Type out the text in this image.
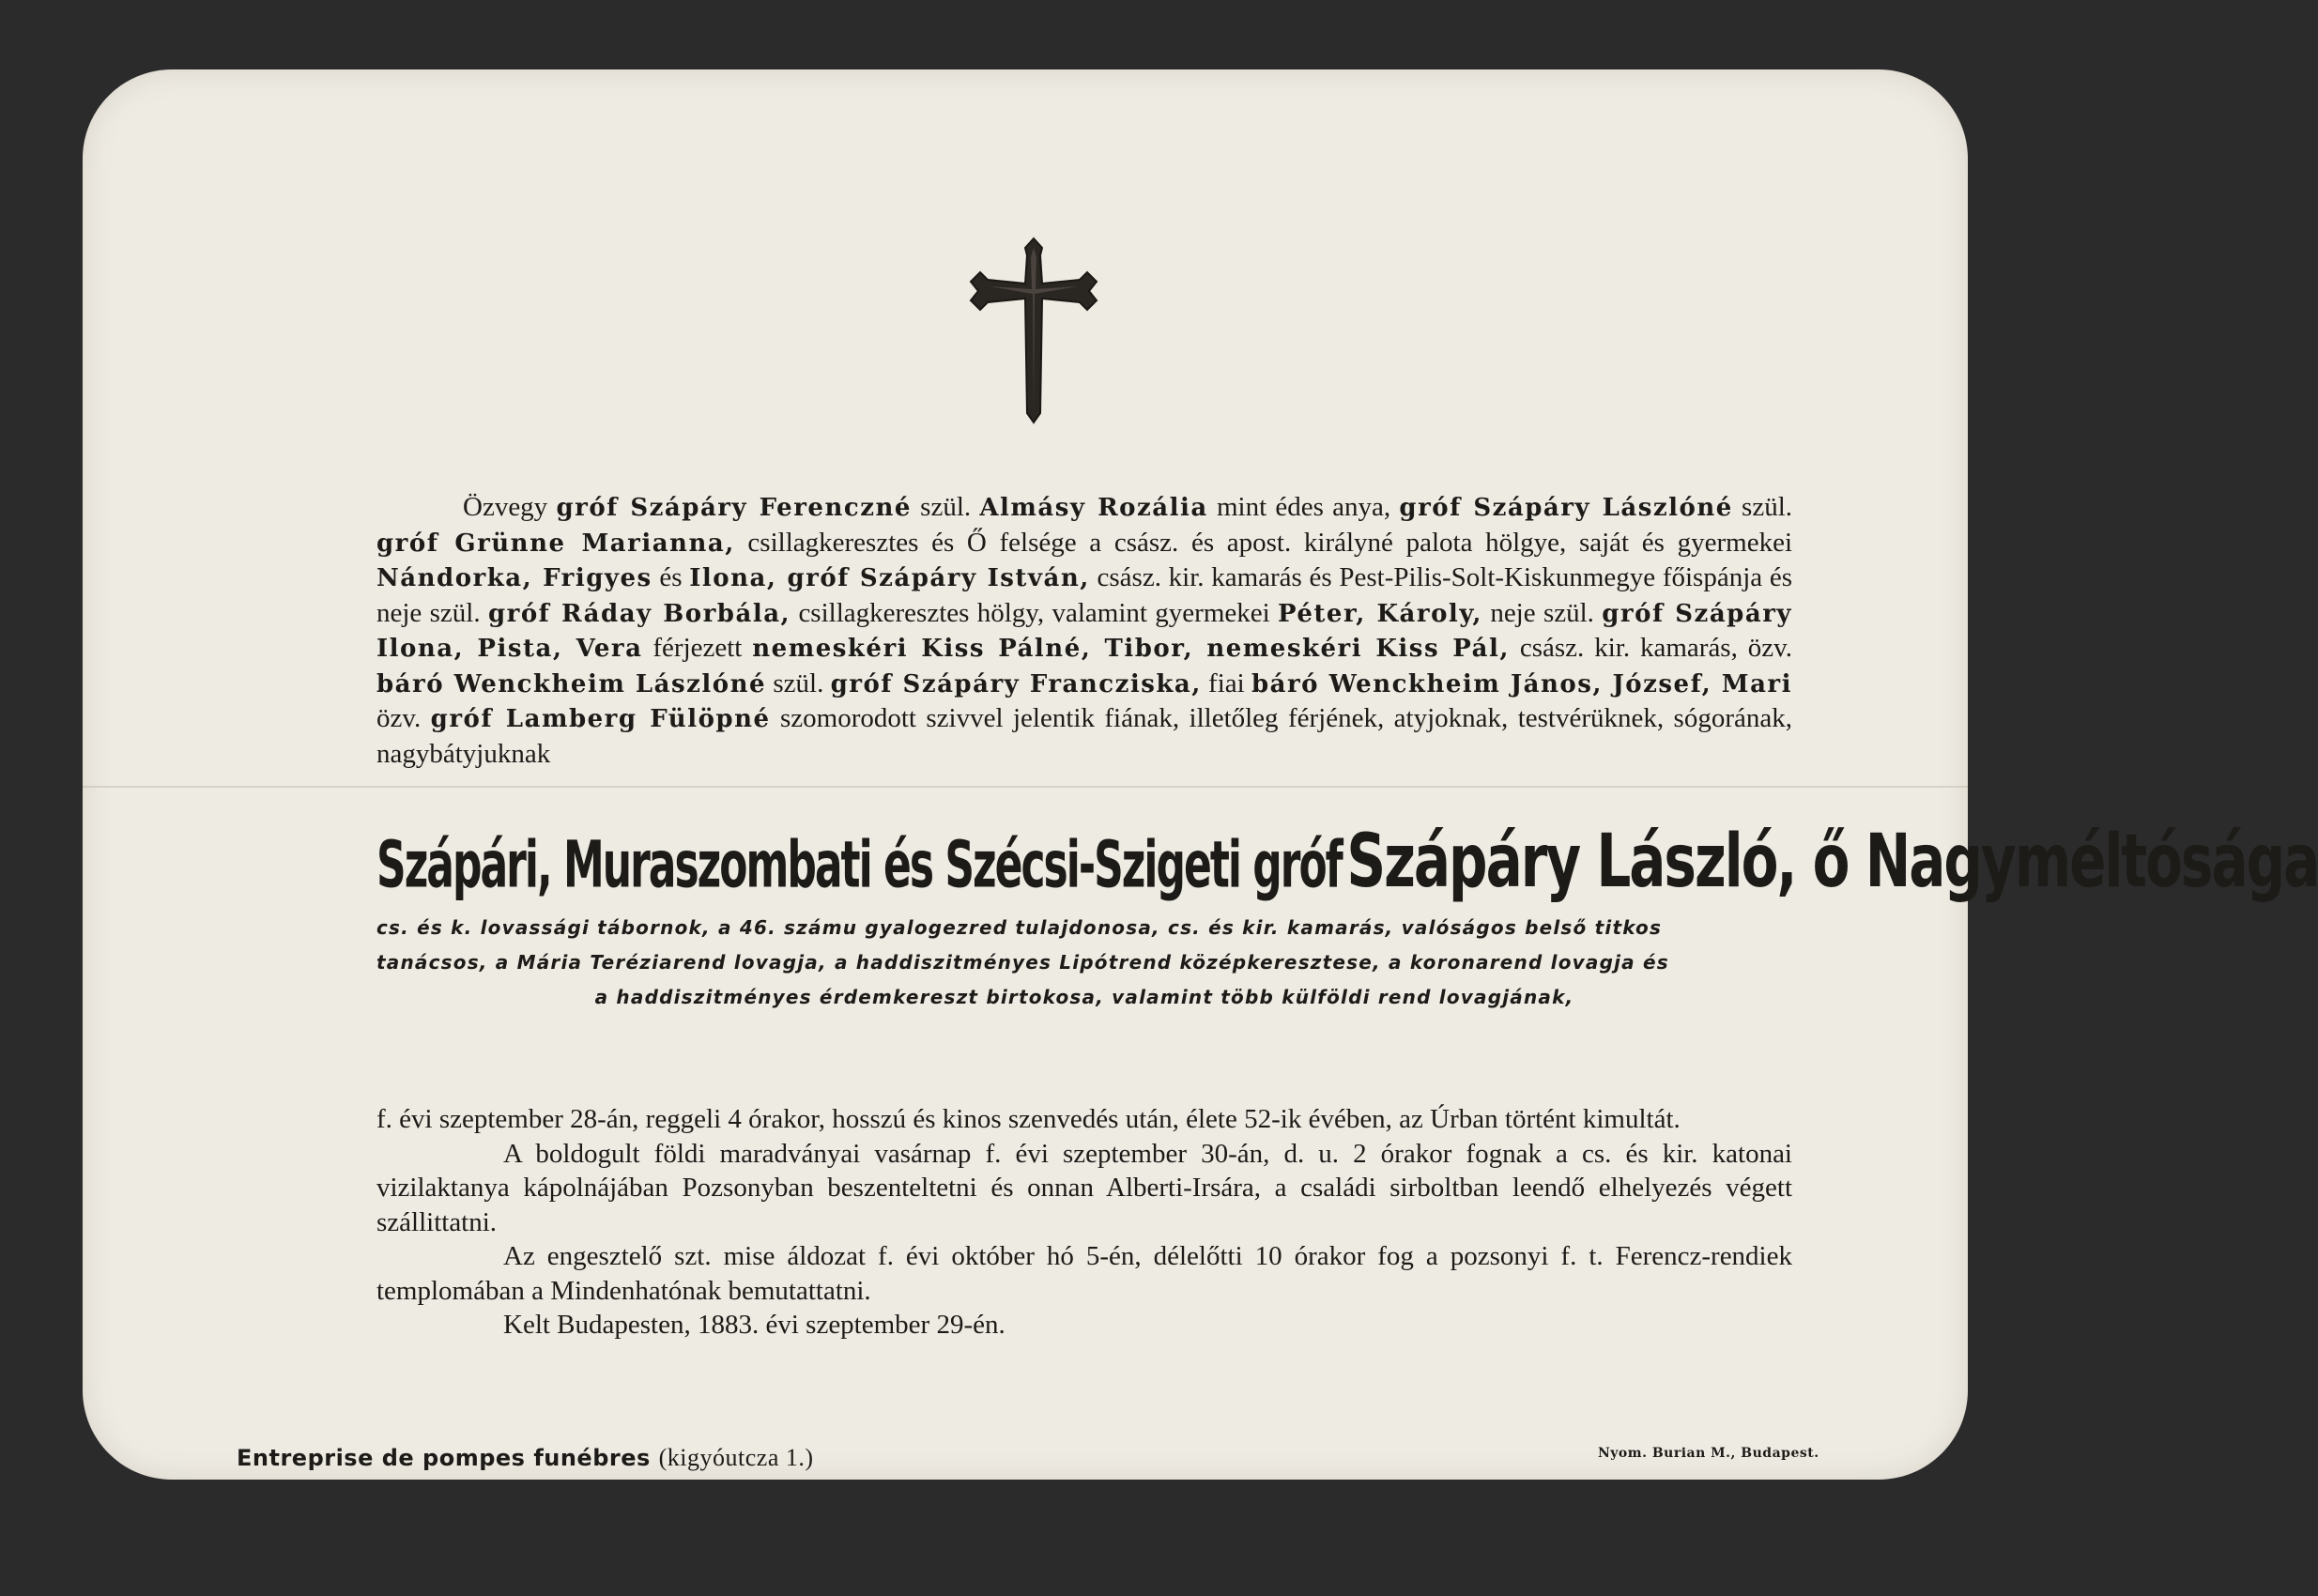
Özvegy gróf Szápáry Ferenczné szül. Almásy Rozália mint édes anya, gróf Szápáry Lászlóné szül. gróf Grünne Marianna, csillagkeresztes és Ő felsége a csász. és apost. királyné palota hölgye, saját és gyermekei Nándorka, Frigyes és Ilona, gróf Szápáry István, csász. kir. kamarás és Pest-Pilis-Solt-Kiskunmegye főispánja és neje szül. gróf Ráday Borbála, csillagkeresztes hölgy, valamint gyermekei Péter, Károly, neje szül. gróf Szápáry Ilona, Pista, Vera férjezett nemeskéri Kiss Pálné, Tibor, nemeskéri Kiss Pál, csász. kir. kamarás, özv. báró Wenckheim Lászlóné szül. gróf Szápáry Francziska, fiai báró Wenckheim János, József, Mari özv. gróf Lamberg Fülöpné szomorodott szivvel jelentik fiának, illetőleg férjének, atyjoknak, testvérüknek, sógorának, nagybátyjuknak
Szápári, Muraszombati és Szécsi-Szigeti gróf Szápáry László, ő Nagyméltósága
cs. és k. lovassági tábornok, a 46. számu gyalogezred tulajdonosa, cs. és kir. kamarás, valóságos belső titkos
tanácsos, a Mária Teréziarend lovagja, a haddiszitményes Lipótrend középkeresztese, a koronarend lovagja és
a haddiszitményes érdemkereszt birtokosa, valamint több külföldi rend lovagjának,

f. évi szeptember 28-án, reggeli 4 órakor, hosszú és kinos szenvedés után, élete 52-ik évében, az Úrban történt kimultát.

A boldogult földi maradványai vasárnap f. évi szeptember 30-án, d. u. 2 órakor fognak a cs. és kir. katonai vizilaktanya kápolnájában Pozsonyban beszenteltetni és onnan Alberti-Irsára, a családi sirboltban leendő elhelyezés végett szállittatni.

Az engesztelő szt. mise áldozat f. évi október hó 5-én, délelőtti 10 órakor fog a pozsonyi f. t. Ferencz-rendiek templomában a Mindenhatónak bemutattatni.

Kelt Budapesten, 1883. évi szeptember 29-én.

Entreprise de pompes funébres (kigyóutcza 1.)	Nyom. Burian M., Budapest.
